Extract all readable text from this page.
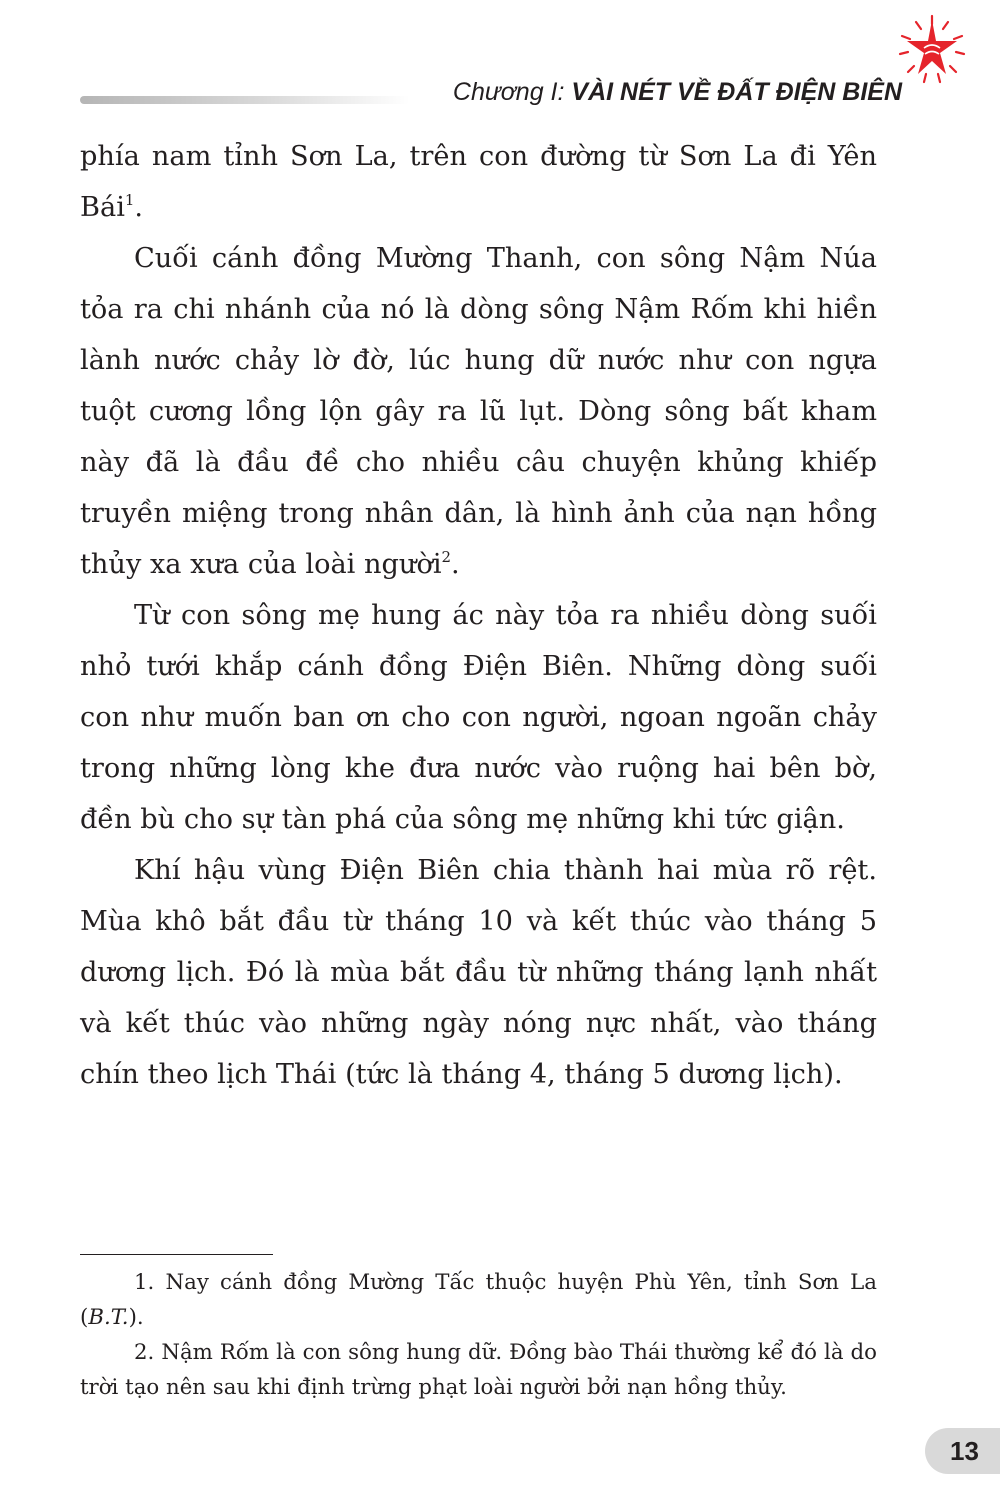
Chương I: VÀI NÉT VỀ ĐẤT ĐIỆN BIÊN

phía nam tỉnh Sơn La, trên con đường từ Sơn La đi Yên Bái$^1$.

Cuối cánh đồng Mường Thanh, con sông Nậm Núa tỏa ra chi nhánh của nó là dòng sông Nậm Rốm khi hiền lành nước chảy lờ đờ, lúc hung dữ nước như con ngựa tuột cương lồng lộn gây ra lũ lụt. Dòng sông bất kham này đã là đầu đề cho nhiều câu chuyện khủng khiếp truyền miệng trong nhân dân, là hình ảnh của nạn hồng thủy xa xưa của loài người$^2$.

Từ con sông mẹ hung ác này tỏa ra nhiều dòng suối nhỏ tưới khắp cánh đồng Điện Biên. Những dòng suối con như muốn ban ơn cho con người, ngoan ngoãn chảy trong những lòng khe đưa nước vào ruộng hai bên bờ, đền bù cho sự tàn phá của sông mẹ những khi tức giận.

Khí hậu vùng Điện Biên chia thành hai mùa rõ rệt. Mùa khô bắt đầu từ tháng 10 và kết thúc vào tháng 5 dương lịch. Đó là mùa bắt đầu từ những tháng lạnh nhất và kết thúc vào những ngày nóng nực nhất, vào tháng chín theo lịch Thái (tức là tháng 4, tháng 5 dương lịch).

1. Nay cánh đồng Mường Tấc thuộc huyện Phù Yên, tỉnh Sơn La (B.T.).

2. Nậm Rốm là con sông hung dữ. Đồng bào Thái thường kể đó là do trời tạo nên sau khi định trừng phạt loài người bởi nạn hồng thủy.

13
